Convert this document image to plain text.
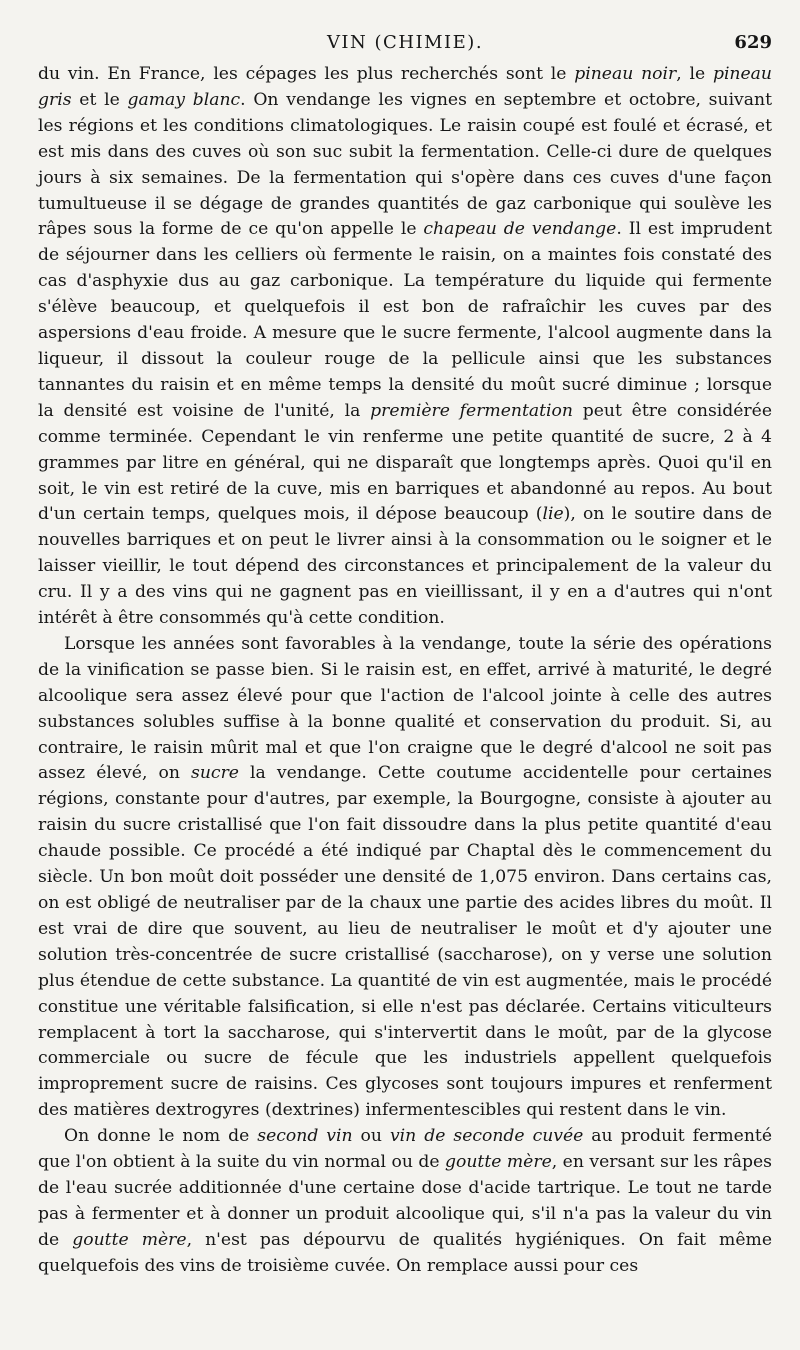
VIN (CHIMIE).	629

du vin. En France, les cépages les plus recherchés sont le pineau noir, le pineau gris et le gamay blanc. On vendange les vignes en septembre et octobre, suivant les régions et les conditions climatologiques. Le raisin coupé est foulé et écrasé, et est mis dans des cuves où son suc subit la fermentation. Celle-ci dure de quelques jours à six semaines. De la fermentation qui s'opère dans ces cuves d'une façon tumultueuse il se dégage de grandes quantités de gaz carbonique qui soulève les râpes sous la forme de ce qu'on appelle le chapeau de vendange. Il est imprudent de séjourner dans les celliers où fermente le raisin, on a maintes fois constaté des cas d'asphyxie dus au gaz carbonique. La température du liquide qui fermente s'élève beaucoup, et quelquefois il est bon de rafraîchir les cuves par des aspersions d'eau froide. A mesure que le sucre fermente, l'alcool augmente dans la liqueur, il dissout la couleur rouge de la pellicule ainsi que les substances tannantes du raisin et en même temps la densité du moût sucré diminue ; lorsque la densité est voisine de l'unité, la première fermentation peut être considérée comme terminée. Cependant le vin renferme une petite quantité de sucre, 2 à 4 grammes par litre en général, qui ne disparaît que longtemps après. Quoi qu'il en soit, le vin est retiré de la cuve, mis en barriques et abandonné au repos. Au bout d'un certain temps, quelques mois, il dépose beaucoup (lie), on le soutire dans de nouvelles barriques et on peut le livrer ainsi à la consommation ou le soigner et le laisser vieillir, le tout dépend des circonstances et principalement de la valeur du cru. Il y a des vins qui ne gagnent pas en vieillissant, il y en a d'autres qui n'ont intérêt à être consommés qu'à cette condition.

Lorsque les années sont favorables à la vendange, toute la série des opérations de la vinification se passe bien. Si le raisin est, en effet, arrivé à maturité, le degré alcoolique sera assez élevé pour que l'action de l'alcool jointe à celle des autres substances solubles suffise à la bonne qualité et conservation du produit. Si, au contraire, le raisin mûrit mal et que l'on craigne que le degré d'alcool ne soit pas assez élevé, on sucre la vendange. Cette coutume accidentelle pour certaines régions, constante pour d'autres, par exemple, la Bourgogne, consiste à ajouter au raisin du sucre cristallisé que l'on fait dissoudre dans la plus petite quantité d'eau chaude possible. Ce procédé a été indiqué par Chaptal dès le commencement du siècle. Un bon moût doit posséder une densité de 1,075 environ. Dans certains cas, on est obligé de neutraliser par de la chaux une partie des acides libres du moût. Il est vrai de dire que souvent, au lieu de neutraliser le moût et d'y ajouter une solution très-concentrée de sucre cristallisé (saccharose), on y verse une solution plus étendue de cette substance. La quantité de vin est augmentée, mais le procédé constitue une véritable falsification, si elle n'est pas déclarée. Certains viticulteurs remplacent à tort la saccharose, qui s'intervertit dans le moût, par de la glycose commerciale ou sucre de fécule que les industriels appellent quelquefois improprement sucre de raisins. Ces glycoses sont toujours impures et renferment des matières dextrogyres (dextrines) infermentescibles qui restent dans le vin.

On donne le nom de second vin ou vin de seconde cuvée au produit fermenté que l'on obtient à la suite du vin normal ou de goutte mère, en versant sur les râpes de l'eau sucrée additionnée d'une certaine dose d'acide tartrique. Le tout ne tarde pas à fermenter et à donner un produit alcoolique qui, s'il n'a pas la valeur du vin de goutte mère, n'est pas dépourvu de qualités hygiéniques. On fait même quelquefois des vins de troisième cuvée. On remplace aussi pour ces
